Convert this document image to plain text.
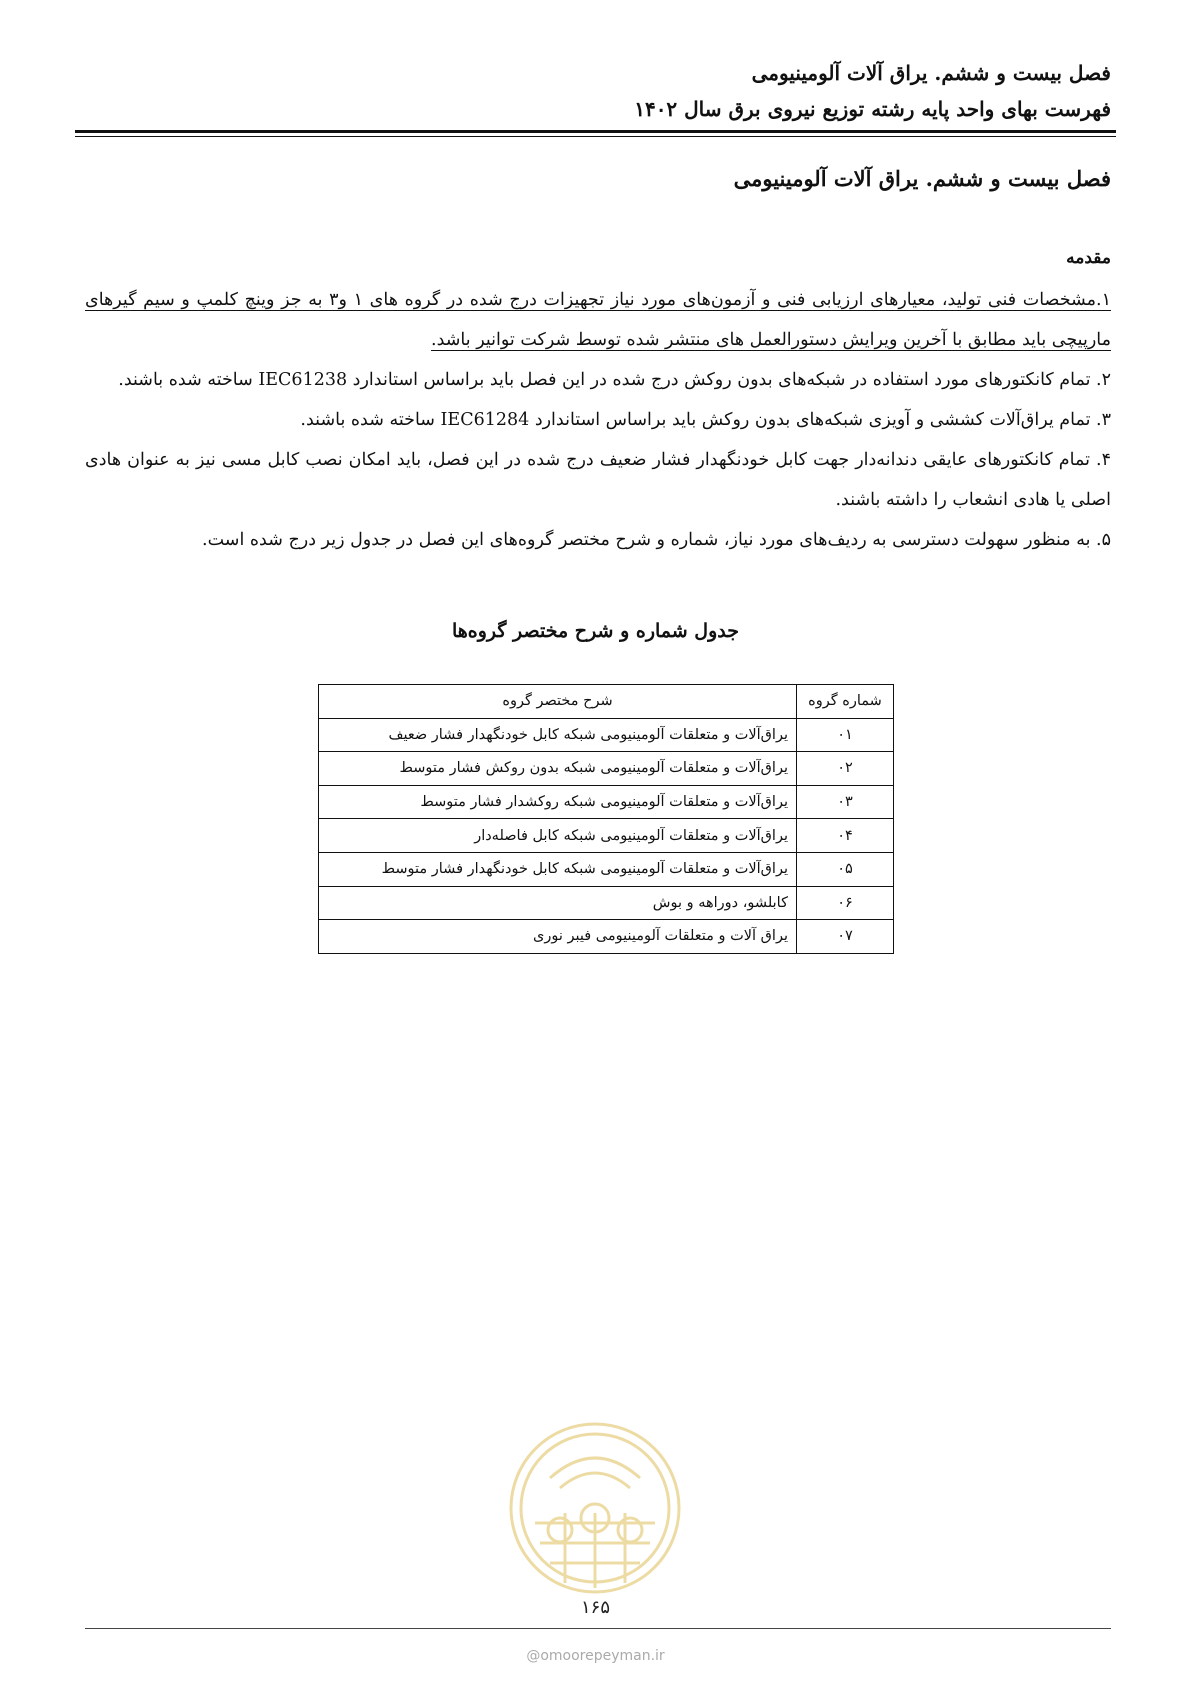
فصل بیست و ششم. یراق آلات آلومینیومی
فهرست بهای واحد پایه رشته توزیع نیروی برق سال ۱۴۰۲
فصل بیست و ششم. یراق آلات آلومینیومی
مقدمه

۱.مشخصات فنی تولید، معیارهای ارزیابی فنی و آزمون‌های مورد نیاز تجهیزات درج شده در گروه های ۱ و۳ به جز وینچ کلمپ و سیم گیرهای مارپیچی باید مطابق با آخرین ویرایش دستورالعمل های منتشر شده توسط شرکت توانیر باشد.

۲. تمام کانکتورهای مورد استفاده در شبکه‌های بدون روکش درج شده در این فصل باید براساس استاندارد IEC61238 ساخته شده باشند.

۳. تمام یراق‌آلات کششی و آویزی شبکه‌های بدون روکش باید براساس استاندارد IEC61284 ساخته شده باشند.

۴. تمام کانکتورهای عایقی دندانه‌دار جهت کابل خودنگهدار فشار ضعیف درج شده در این فصل، باید امکان نصب کابل مسی نیز به عنوان هادی اصلی یا هادی انشعاب را داشته باشند.

۵. به منظور سهولت دسترسی به ردیف‌های مورد نیاز، شماره و شرح مختصر گروه‌های این فصل در جدول زیر درج شده است.

جدول شماره و شرح مختصر گروه‌ها
شماره گروه	شرح مختصر گروه
۰۱	یراق‌آلات و متعلقات آلومینیومی شبکه کابل خودنگهدار فشار ضعیف
۰۲	یراق‌آلات و متعلقات آلومینیومی شبکه بدون روکش فشار متوسط
۰۳	یراق‌آلات و متعلقات آلومینیومی شبکه روکشدار فشار متوسط
۰۴	یراق‌آلات و متعلقات آلومینیومی شبکه کابل فاصله‌دار
۰۵	یراق‌آلات و متعلقات آلومینیومی شبکه کابل خودنگهدار فشار متوسط
۰۶	کابلشو، دوراهه و بوش
۰۷	یراق آلات و متعلقات آلومینیومی فیبر نوری
۱۶۵
@omoorepeyman.ir
